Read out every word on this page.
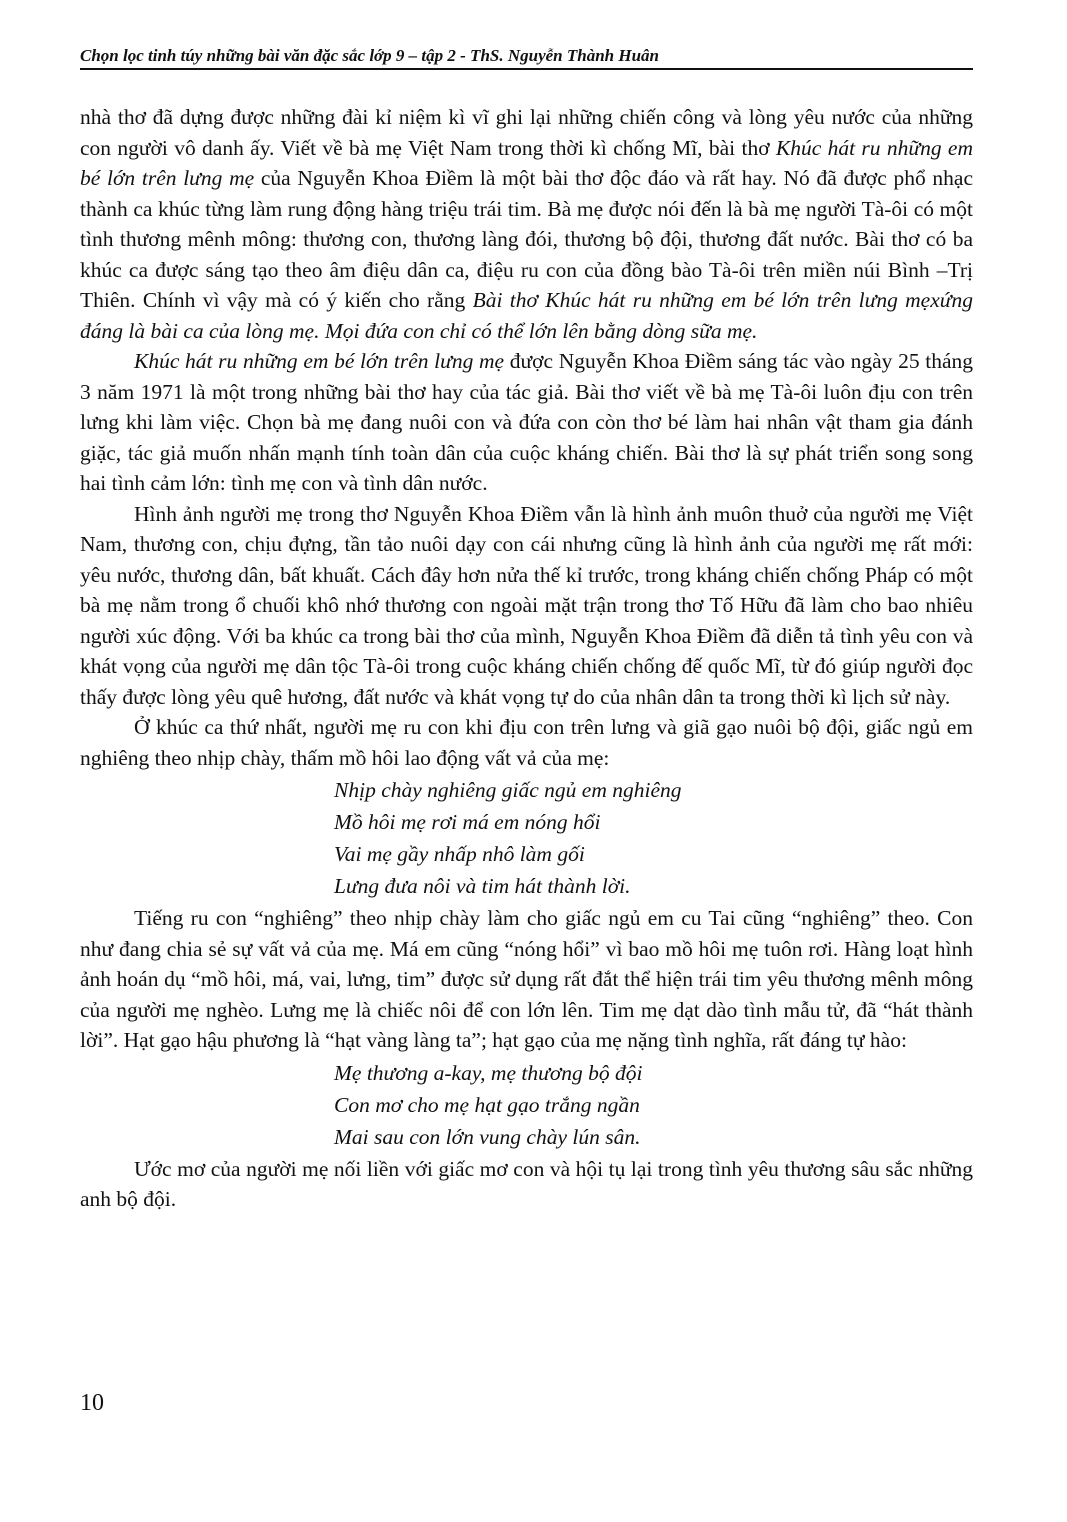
Chọn lọc tinh túy những bài văn đặc sắc lớp 9 – tập 2 - ThS. Nguyễn Thành Huân

nhà thơ đã dựng được những đài kỉ niệm kì vĩ ghi lại những chiến công và lòng yêu nước của những con người vô danh ấy. Viết về bà mẹ Việt Nam trong thời kì chống Mĩ, bài thơ Khúc hát ru những em bé lớn trên lưng mẹ của Nguyễn Khoa Điềm là một bài thơ độc đáo và rất hay. Nó đã được phổ nhạc thành ca khúc từng làm rung động hàng triệu trái tim. Bà mẹ được nói đến là bà mẹ người Tà-ôi có một tình thương mênh mông: thương con, thương làng đói, thương bộ đội, thương đất nước. Bài thơ có ba khúc ca được sáng tạo theo âm điệu dân ca, điệu ru con của đồng bào Tà-ôi trên miền núi Bình –Trị Thiên. Chính vì vậy mà có ý kiến cho rằng Bài thơ Khúc hát ru những em bé lớn trên lưng mẹxứng đáng là bài ca của lòng mẹ. Mọi đứa con chỉ có thể lớn lên bằng dòng sữa mẹ.

Khúc hát ru những em bé lớn trên lưng mẹ được Nguyễn Khoa Điềm sáng tác vào ngày 25 tháng 3 năm 1971 là một trong những bài thơ hay của tác giả. Bài thơ viết về bà mẹ Tà-ôi luôn địu con trên lưng khi làm việc. Chọn bà mẹ đang nuôi con và đứa con còn thơ bé làm hai nhân vật tham gia đánh giặc, tác giả muốn nhấn mạnh tính toàn dân của cuộc kháng chiến. Bài thơ là sự phát triển song song hai tình cảm lớn: tình mẹ con và tình dân nước.

Hình ảnh người mẹ trong thơ Nguyễn Khoa Điềm vẫn là hình ảnh muôn thuở của người mẹ Việt Nam, thương con, chịu đựng, tần tảo nuôi dạy con cái nhưng cũng là hình ảnh của người mẹ rất mới: yêu nước, thương dân, bất khuất. Cách đây hơn nửa thế kỉ trước, trong kháng chiến chống Pháp có một bà mẹ nằm trong ổ chuối khô nhớ thương con ngoài mặt trận trong thơ Tố Hữu đã làm cho bao nhiêu người xúc động. Với ba khúc ca trong bài thơ của mình, Nguyễn Khoa Điềm đã diễn tả tình yêu con và khát vọng của người mẹ dân tộc Tà-ôi trong cuộc kháng chiến chống đế quốc Mĩ, từ đó giúp người đọc thấy được lòng yêu quê hương, đất nước và khát vọng tự do của nhân dân ta trong thời kì lịch sử này.

Ở khúc ca thứ nhất, người mẹ ru con khi địu con trên lưng và giã gạo nuôi bộ đội, giấc ngủ em nghiêng theo nhịp chày, thấm mồ hôi lao động vất vả của mẹ:

Nhịp chày nghiêng giấc ngủ em nghiêng
Mồ hôi mẹ rơi má em nóng hổi
Vai mẹ gầy nhấp nhô làm gối
Lưng đưa nôi và tim hát thành lời.

Tiếng ru con “nghiêng” theo nhịp chày làm cho giấc ngủ em cu Tai cũng “nghiêng” theo. Con như đang chia sẻ sự vất vả của mẹ. Má em cũng “nóng hổi” vì bao mồ hôi mẹ tuôn rơi. Hàng loạt hình ảnh hoán dụ “mồ hôi, má, vai, lưng, tim” được sử dụng rất đắt thể hiện trái tim yêu thương mênh mông của người mẹ nghèo. Lưng mẹ là chiếc nôi để con lớn lên. Tim mẹ dạt dào tình mẫu tử, đã “hát thành lời”. Hạt gạo hậu phương là “hạt vàng làng ta”; hạt gạo của mẹ nặng tình nghĩa, rất đáng tự hào:

Mẹ thương a-kay, mẹ thương bộ đội
Con mơ cho mẹ hạt gạo trắng ngần
Mai sau con lớn vung chày lún sân.

Ước mơ của người mẹ nối liền với giấc mơ con và hội tụ lại trong tình yêu thương sâu sắc những anh bộ đội.

10
